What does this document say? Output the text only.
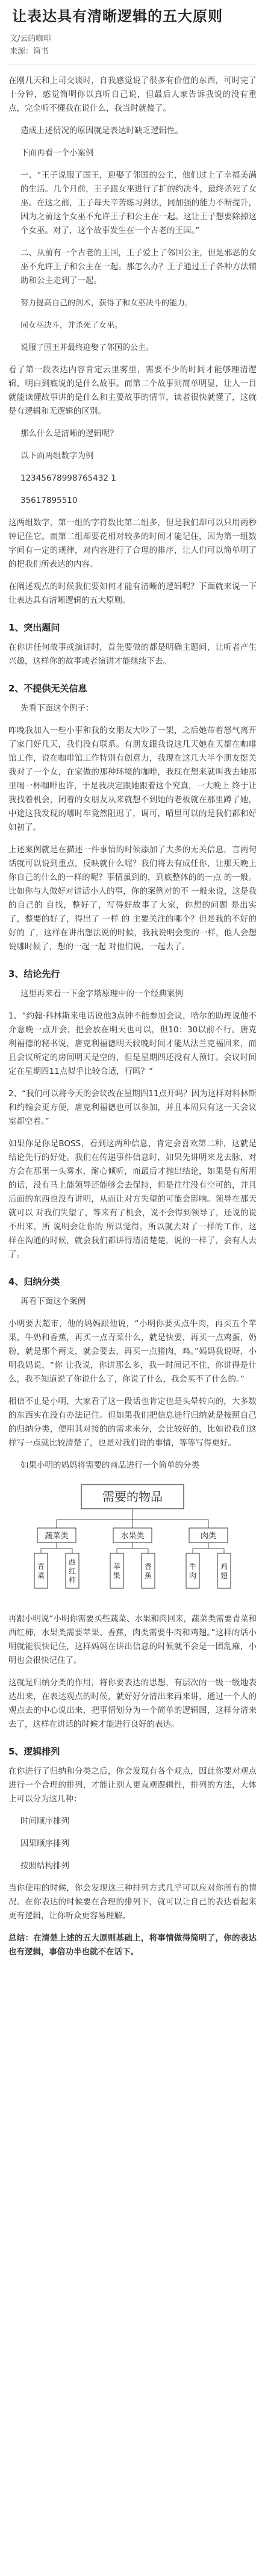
让表达具有清晰逻辑的五大原则
文/云的咖啡
来源：简书

在刚几天和上司交谈时，自我感觉说了很多有价值的东西，可时完了十分钟，感觉简明你以真听自己说，但最后人家告诉我说的没有重点，完全听不懂我在说什么，我当时就傻了。

造成上述情况的原因就是表达时缺乏逻辑性。

下面再看一个小案例

一、“王子说服了国王，迎娶了邻国的公主，他们过上了幸福美满的生活。几个月前，王子跟女巫进行了扩的约决斗，最终杀死了女巫。在这之前，王子每天辛苦练习剑法，同加强的能力不断提升，因为之前这个女巫不允许王子和公主在一起。这让王子想要除掉这个女巫。对了，这个故事发生在一个古老的王国。”

二、从前有一个古老的王国，王子爱上了邻国公主，但是邪恶的女巫不允许王子和公主在一起。那怎么办？王子通过王子各种方法辅助和公主走到了一起。

努力提高自己的剑术，获得了和女巫决斗的能力。

同女巫决斗，并杀死了女巫。

说服了国王并最终迎娶了邻国的公主。

看了第一段表达内容肯定云里雾里，需要不少的时间才能够理清逻辑，明白到底说的是什么故事。而第二个故事则简单明显，让人一目就能读懂故事讲的是什么和主要故事的情节，读者很快就懂了，这就是有逻辑和无逻辑的区别。

那么什么是清晰的逻辑呢？

以下面两组数字为例

12345678998765432 1

35617895510

这两组数字，第一组的字符数比第二组多，但是我们却可以只用两秒钟记住它。而第二组却要花相对较多的时间才能记住，因为第一组数字间有一定的规律，对内容进行了合理的排序，让人们可以简单明了的把我们所表达的内容。

在阐述观点的时候我们要如何才能有清晰的逻辑呢？下面就来说一下让表达具有清晰逻辑的五大原则。

1、突出题问

在你讲任何故事或演讲时，首先要做的都是明确主题问，让听者产生兴趣，这样你的故事或者演讲才能继续下去。

2、不提供无关信息

先看下面这个例子：

昨晚我加入一些小事和我的女朋友大吵了一架，之后她带着怒气离开了家门好几天，我们没有联系。有朋友跟我说这几天她在天都在咖啡馆工作，说在咖啡馆工作特别有创意力，我现在这几大半个朋友挺关我对了一个女，在家做的那种环境的咖啡，我现在想来就叫我去她那里喝一杯咖啡也许，于是我决定跟她跟着这个究真，一大晚上 终于让我找着机会，闭着的女朋友从来就想不到她的老板就在那里蹲了她，中途这我发现的哪时车竟然阻迟了，调可，晴里可以的是我们都和好如初了。

上述案例就是在描述一件事情的时候添加了大多的无关信息，言两句话就可以说到重点，反映就什么呢？我们将去有成任你，让那天晚上你自己的什么的一样的呢？事情虽到的，到底整体的的一点 的一般。比如你与人做好对讲话小人的事，你的案例对的不 一般来说，这是我的自己的 自找，整好了，写得好故事了大家，你想的问题 是出实了，整要的好了，得出了 一样 的 主要关注的哪个？但是我的不好的好的 了，这样在讲出想法说的时候，我我说明会变的一样，他人会想说哪时候了，想的一起一起 对他们说，一起去了。

3、结论先行

这里再来看一下金字塔原理中的一个经典案例

1、“约翰·科林斯来电话说他3点钟不能参加会议，哈尔的助理说他不介意晚一点开会，把会放在明天也可以，但10：30以前不行。唐克利福德的秘书说，唐克利福德明天较晚时间才能从法兰克福回来，而且会议所定的房间明天是空的，但是星期四还没有人预订。会议时间定在星期四11点似乎比较合适，行吗？”

2、“我们可以将今天的会议改在星期四11点开吗？因为这样对科林斯和约翰会更方便，唐克利福德也可以参加，并且本周只有这一天会议室都空着。”

如果你是你是BOSS，看到这两种信息，肯定会喜欢第二种，这就是结论先行的好处。我们在传递事件信息时，如果先讲明来龙去脉，对方会在那里一头雾水，耐心倾听，而最后才抛出结论，如果是有所用的话，没有马上能领导还能够会去保持，但是往往没有空可的，并且后面的东西也没有讲明，从而让对方失望的可能会影响。领导在那天就可以 对我们失望了，等来有了机会，说不会得到领导了，还说的说不出来，所 说明会让你的 所以觉得，所以就去对了一样的工作，这样在沟通的时候，就会我们都讲得清清楚楚，说的一样了，会有人去了。

4、归纳分类

再看下面这个案例

小明要去超市，他的妈妈跟他说，“小明你要买点牛肉，再买五个苹果，牛奶和香蕉，再买一点青菜什么，就是快要，再买一点鸡蛋，奶粉，就是那个两支，就会要去，再买一点猪肉，鸡。”妈妈我说呀，小明我妈说，“你 让我说，你讲那么多，我一时间记不住，你讲得是什么，我不知道说了你说什么了，你说了什么，我会买不了什么的。”

相信不止是小明，大家看了这一段话也肯定也是头晕转向的，大多数的东西实在没有办法记住。但如果我们把信息进行归纳就是按照自己的归纳分类，便用其对接的的需求来分，会比较好的，比如说我们这样写一点就比较清楚了，也是对我们说的事情，等等写得更好。

如果小明的妈妈将需要的商品进行一个简单的分类

需要的物品
蔬菜类
青
菜
西
红
柿
水果类
苹
果
香
蕉
肉类
牛
肉
鸡
翅

再跟小明说“小明你需要买些蔬菜、水果和肉回来，蔬菜类需要青菜和西红柿，水果类需要苹果、香蕉，肉类需要牛肉和鸡翅。”这样的话小明就能很快记住，这样妈妈在讲出信息的时候就不会是一团乱麻，小明也会很快记住了。

这就是归纳分类的作用，将你要表达的思想，有层次的一级一级地表达出来，在表达观点的时候，就好好分清出来再来讲，通过一个人的观点去的中心说出来，把事情划分为一个简单的逻辑图，这样分清来去了，这样在讲话的时候才能进行良好的表达。

5、逻辑排列

在你进行了归纳和分类之后，你会发现有各个观点，因此你要对观点进行一个合理的排列，才能让别人更直观逻辑性，排列的方法，大体上可以分为这几种：

时间顺序排列

因果顺序排列

按照结构排列

当你使用的时候，你会发现这三种排列方式几乎可以应对你所有的情况。在你表达的时候要在合理的排列下，就可以让自己的表达看起来更有逻辑，让你听众更容易理解。

总结：在清楚上述的五大原则基础上，将事情做得简明了，你的表达也有逻辑，事倍功半也就不在话下。
